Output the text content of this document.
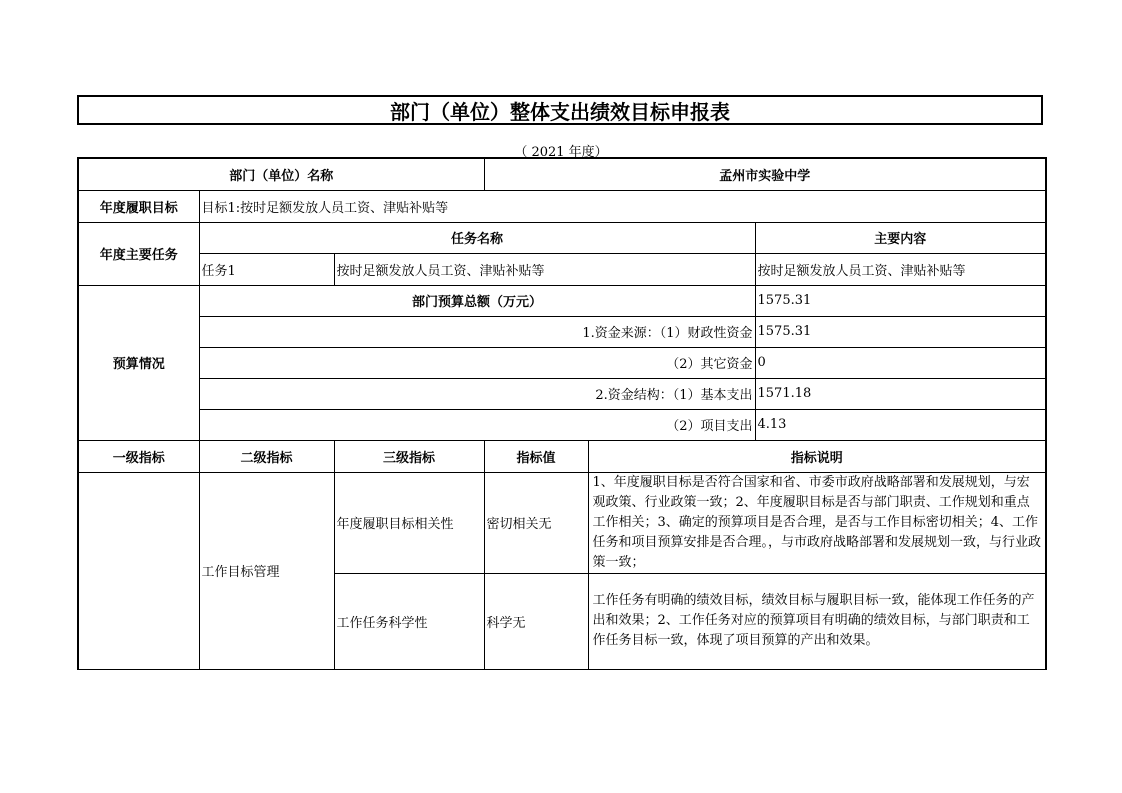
部门（单位）整体支出绩效目标申报表
（ 2021 年度）
部门（单位）名称			孟州市实验中学		
年度履职目标	目标1:按时足额发放人员工资、津贴补贴等				
年度主要任务	任务名称				主要内容
	任务1	按时足额发放人员工资、津贴补贴等			按时足额发放人员工资、津贴补贴等
预算情况	部门预算总额（万元）				1575.31
	1.资金来源：（1）财政性资金				1575.31
	（2）其它资金				0
	2.资金结构：（1）基本支出				1571.18
	（2）项目支出				4.13
一级指标	二级指标	三级指标	指标值	指标说明	
	工作目标管理	年度履职目标相关性	密切相关无	1、年度履职目标是否符合国家和省、市委市政府战略部署和发展规划，与宏观政策、行业政策一致；2、年度履职目标是否与部门职责、工作规划和重点工作相关；3、确定的预算项目是否合理，是否与工作目标密切相关；4、工作任务和项目预算安排是否合理。，与市政府战略部署和发展规划一致，与行业政策一致；	
		工作任务科学性	科学无	工作任务有明确的绩效目标，绩效目标与履职目标一致，能体现工作任务的产出和效果；2、工作任务对应的预算项目有明确的绩效目标，与部门职责和工作任务目标一致，体现了项目预算的产出和效果。	
